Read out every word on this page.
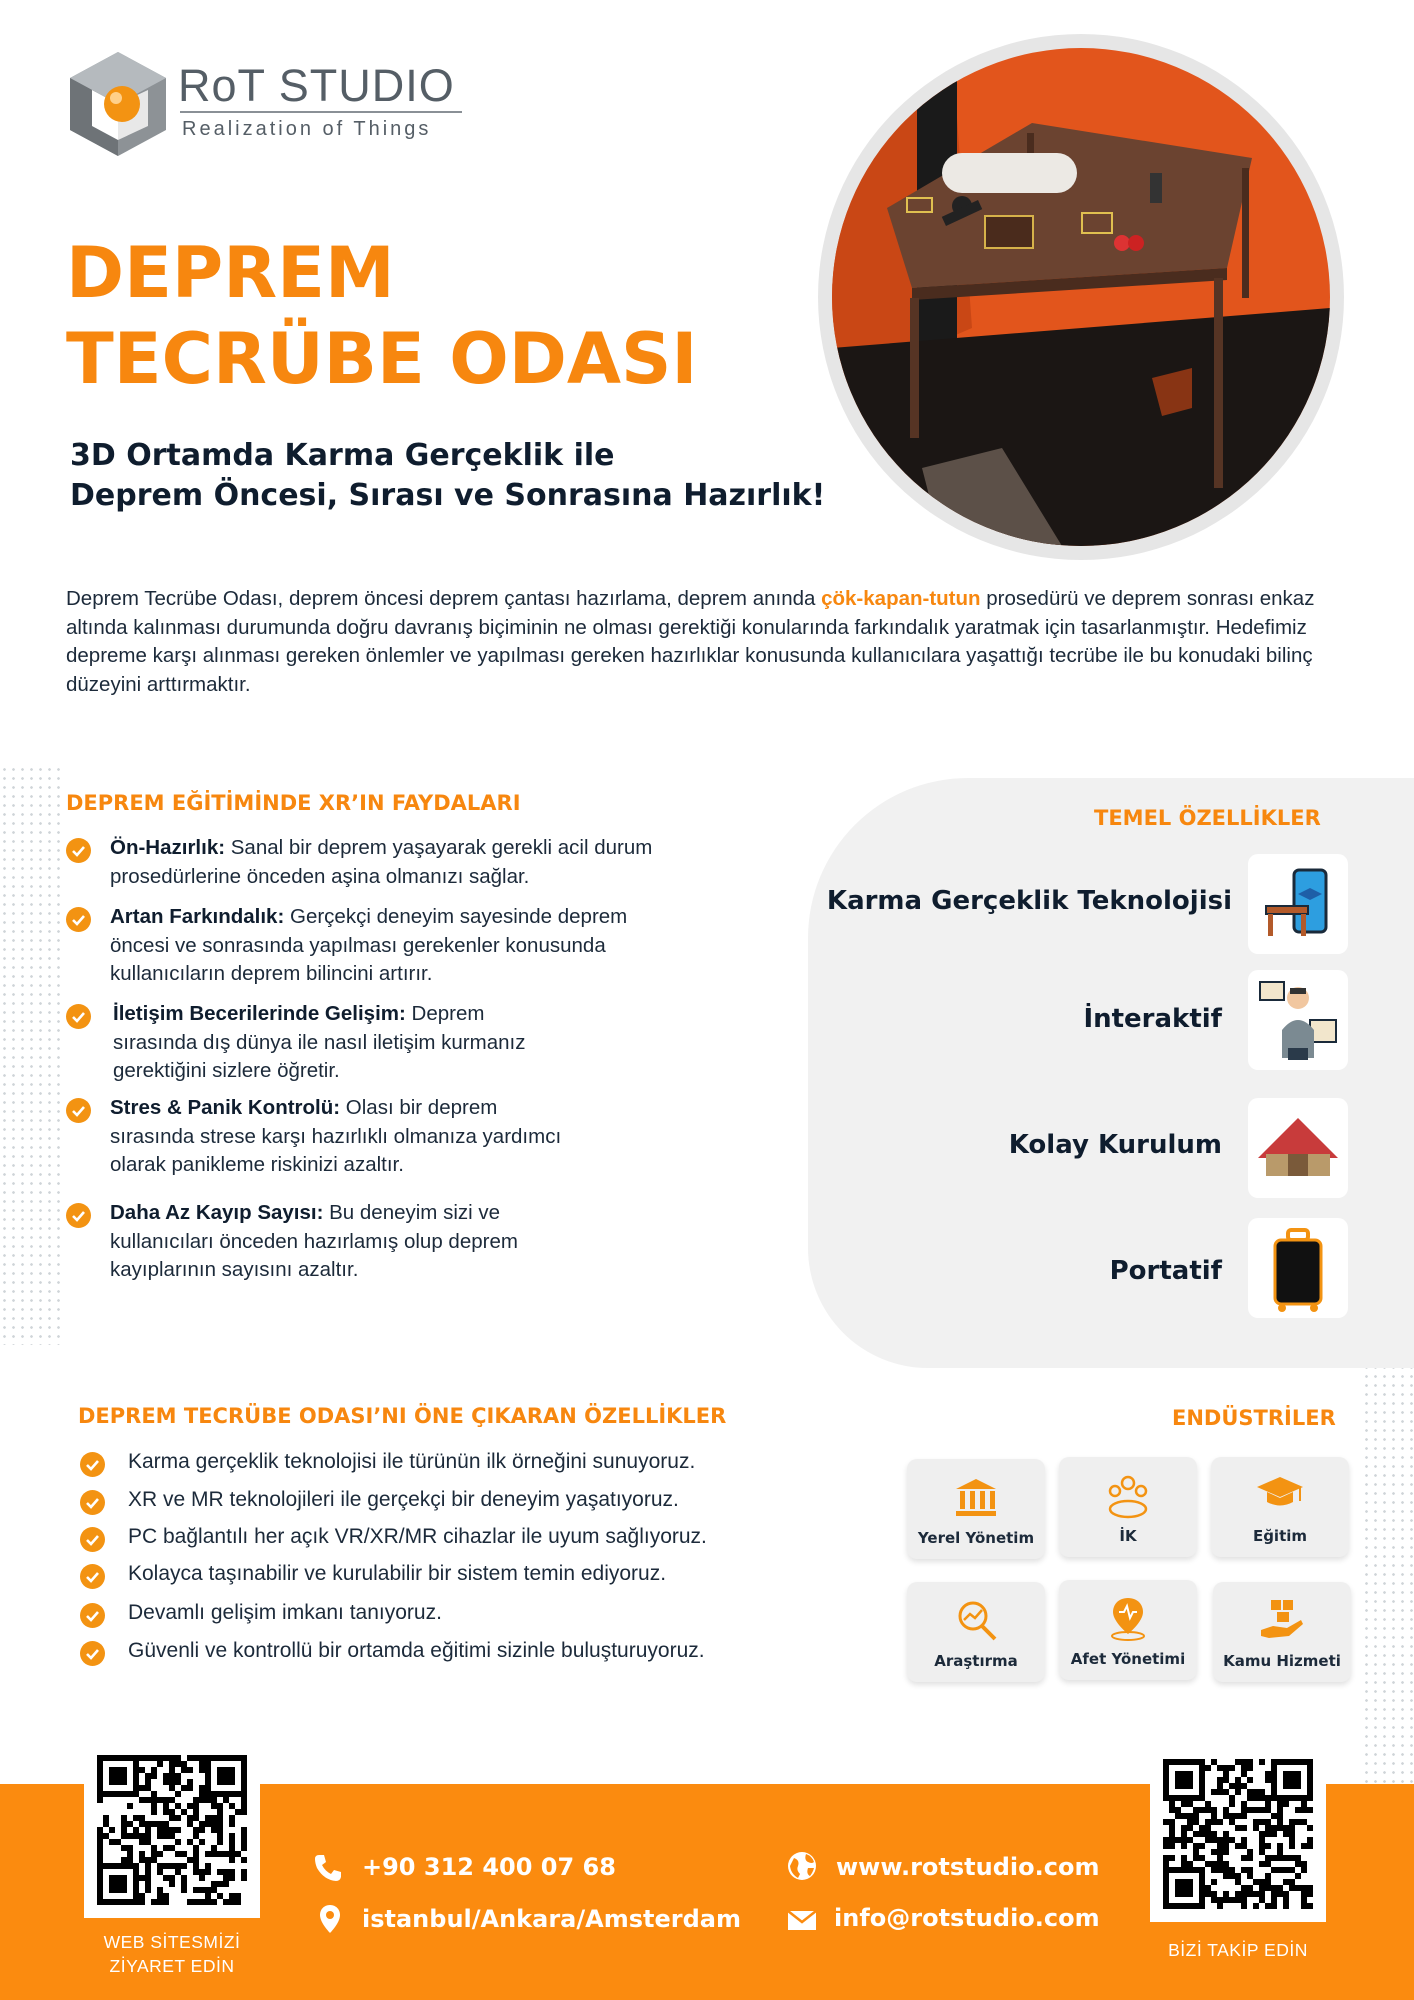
RoT STUDIO
Realization of Things
DEPREM
TECRÜBE ODASI
3D Ortamda Karma Gerçeklik ile
Deprem Öncesi, Sırası ve Sonrasına Hazırlık!

Deprem Tecrübe Odası, deprem öncesi deprem çantası hazırlama, deprem anında çök-kapan-tutun prosedürü ve deprem sonrası enkaz altında kalınması durumunda doğru davranış biçiminin ne olması gerektiği konularında farkındalık yaratmak için tasarlanmıştır. Hedefimiz depreme karşı alınması gereken önlemler ve yapılması gereken hazırlıklar konusunda kullanıcılara yaşattığı tecrübe ile bu konudaki bilinç düzeyini arttırmaktır.

DEPREM EĞİTİMİNDE XR’IN FAYDALARI

Ön-Hazırlık: Sanal bir deprem yaşayarak gerekli acil durum prosedürlerine önceden aşina olmanızı sağlar.

Artan Farkındalık: Gerçekçi deneyim sayesinde deprem öncesi ve sonrasında yapılması gerekenler konusunda kullanıcıların deprem bilincini artırır.

İletişim Becerilerinde Gelişim: Deprem sırasında dış dünya ile nasıl iletişim kurmanız gerektiğini sizlere öğretir.

Stres & Panik Kontrolü: Olası bir deprem sırasında strese karşı hazırlıklı olmanıza yardımcı olarak panikleme riskinizi azaltır.

Daha Az Kayıp Sayısı: Bu deneyim sizi ve kullanıcıları önceden hazırlamış olup deprem kayıplarının sayısını azaltır.

TEMEL ÖZELLİKLER
Karma Gerçeklik Teknolojisi
İnteraktif
Kolay Kurulum
Portatif
DEPREM TECRÜBE ODASI’NI ÖNE ÇIKARAN ÖZELLİKLER
Karma gerçeklik teknolojisi ile türünün ilk örneğini sunuyoruz.
XR ve MR teknolojileri ile gerçekçi bir deneyim yaşatıyoruz.
PC bağlantılı her açık VR/XR/MR cihazlar ile uyum sağlıyoruz.
Kolayca taşınabilir ve kurulabilir bir sistem temin ediyoruz.
Devamlı gelişim imkanı tanıyoruz.
Güvenli ve kontrollü bir ortamda eğitimi sizinle buluşturuyoruz.
ENDÜSTRİLER
Yerel Yönetim	İK	Eğitim
Araştırma	Afet Yönetimi	Kamu Hizmeti
WEB SİTESMİZİ
ZİYARET EDİN
BİZİ TAKİP EDİN
+90 312 400 07 68
istanbul/Ankara/Amsterdam
www.rotstudio.com
info@rotstudio.com
